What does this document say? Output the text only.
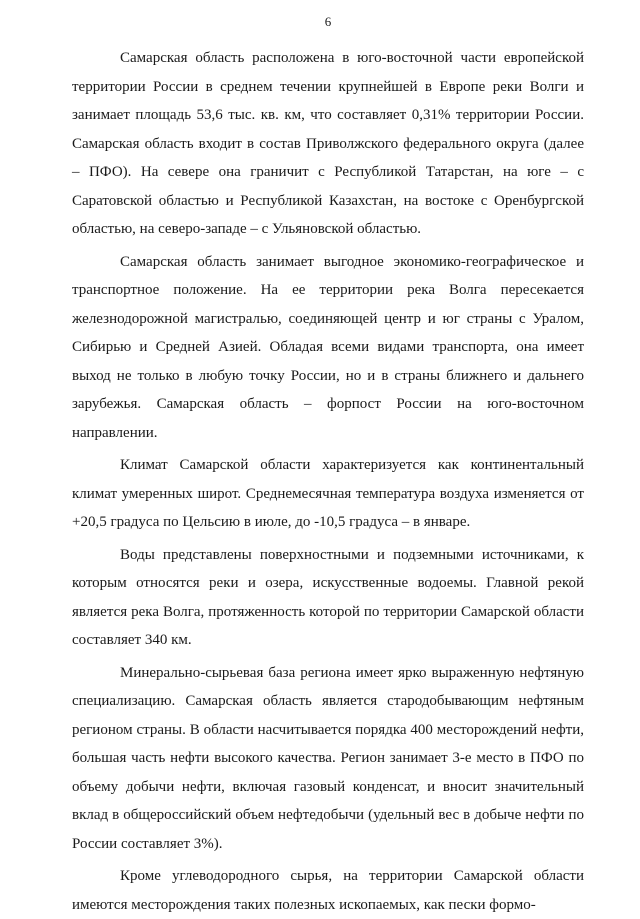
6

Самарская область расположена в юго-восточной части европейской территории России в среднем течении крупнейшей в Европе реки Волги и занимает площадь 53,6 тыс. кв. км, что составляет 0,31% территории России. Самарская область входит в состав Приволжского федерального округа (далее – ПФО). На севере она граничит с Республикой Татарстан, на юге – с Саратовской областью и Республикой Казахстан, на востоке с Оренбургской областью, на северо-западе – с Ульяновской областью.

Самарская область занимает выгодное экономико-географическое и транспортное положение. На ее территории река Волга пересекается железнодорожной магистралью, соединяющей центр и юг страны с Уралом, Сибирью и Средней Азией. Обладая всеми видами транспорта, она имеет выход не только в любую точку России, но и в страны ближнего и дальнего зарубежья. Самарская область – форпост России на юго-восточном направлении.

Климат Самарской области характеризуется как континентальный климат умеренных широт. Среднемесячная температура воздуха изменяется от +20,5 градуса по Цельсию в июле, до -10,5 градуса – в январе.

Воды представлены поверхностными и подземными источниками, к которым относятся реки и озера, искусственные водоемы. Главной рекой является река Волга, протяженность которой по территории Самарской области составляет 340 км.

Минерально-сырьевая база региона имеет ярко выраженную нефтяную специализацию. Самарская область является стародобывающим нефтяным регионом страны. В области насчитывается порядка 400 месторождений нефти, большая часть нефти высокого качества. Регион занимает 3-е место в ПФО по объему добычи нефти, включая газовый конденсат, и вносит значительный вклад в общероссийский объем нефтедобычи (удельный вес в добыче нефти по России составляет 3%).

Кроме углеводородного сырья, на территории Самарской области имеются месторождения таких полезных ископаемых, как пески формо-
